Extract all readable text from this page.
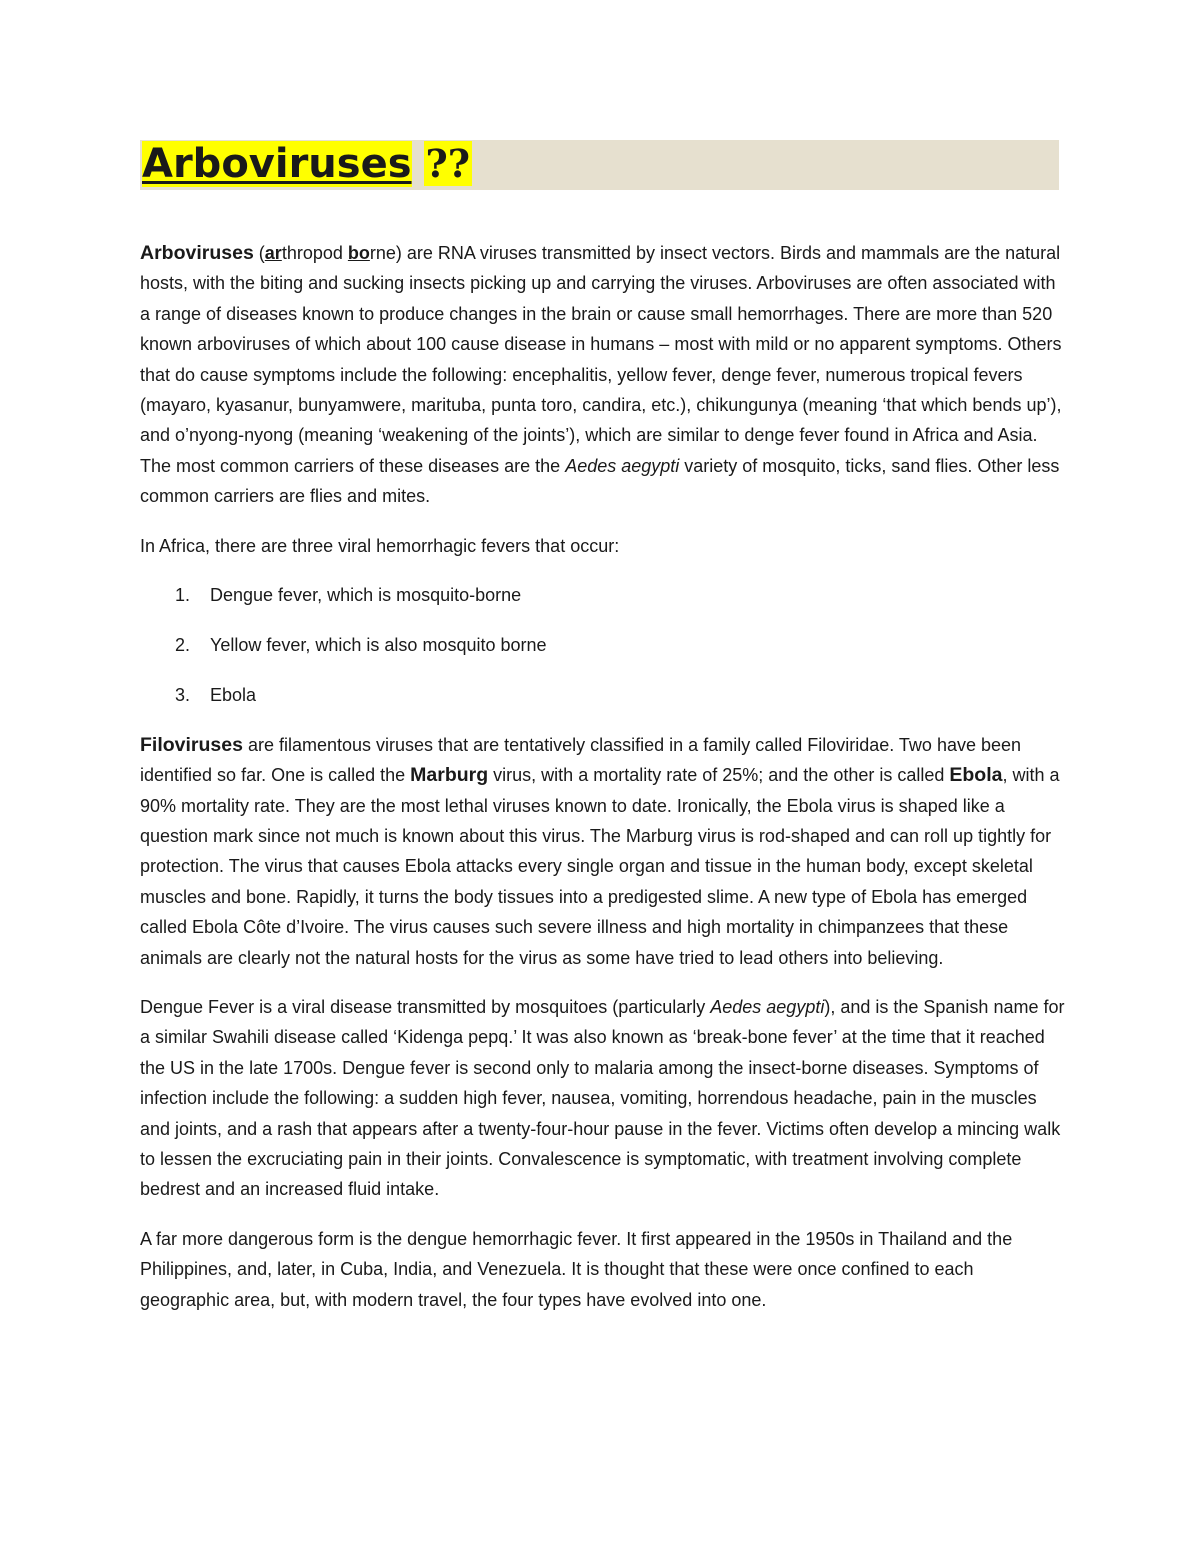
Arboviruses ??

Arboviruses (arthropod borne) are RNA viruses transmitted by insect vectors. Birds and mammals are the natural hosts, with the biting and sucking insects picking up and carrying the viruses. Arboviruses are often associated with a range of diseases known to produce changes in the brain or cause small hemorrhages. There are more than 520 known arboviruses of which about 100 cause disease in humans – most with mild or no apparent symptoms. Others that do cause symptoms include the following: encephalitis, yellow fever, denge fever, numerous tropical fevers (mayaro, kyasanur, bunyamwere, marituba, punta toro, candira, etc.), chikungunya (meaning ‘that which bends up’), and o’nyong-nyong (meaning ‘weakening of the joints’), which are similar to denge fever found in Africa and Asia. The most common carriers of these diseases are the Aedes aegypti variety of mosquito, ticks, sand flies. Other less common carriers are flies and mites.

In Africa, there are three viral hemorrhagic fevers that occur:

1.	Dengue fever, which is mosquito-borne
2.	Yellow fever, which is also mosquito borne
3.	Ebola

Filoviruses are filamentous viruses that are tentatively classified in a family called Filoviridae. Two have been identified so far. One is called the Marburg virus, with a mortality rate of 25%; and the other is called Ebola, with a 90% mortality rate. They are the most lethal viruses known to date. Ironically, the Ebola virus is shaped like a question mark since not much is known about this virus. The Marburg virus is rod-shaped and can roll up tightly for protection. The virus that causes Ebola attacks every single organ and tissue in the human body, except skeletal muscles and bone. Rapidly, it turns the body tissues into a predigested slime. A new type of Ebola has emerged called Ebola Côte d’Ivoire. The virus causes such severe illness and high mortality in chimpanzees that these animals are clearly not the natural hosts for the virus as some have tried to lead others into believing.

Dengue Fever is a viral disease transmitted by mosquitoes (particularly Aedes aegypti), and is the Spanish name for a similar Swahili disease called ‘Kidenga pepq.’ It was also known as ‘break-bone fever’ at the time that it reached the US in the late 1700s. Dengue fever is second only to malaria among the insect-borne diseases. Symptoms of infection include the following: a sudden high fever, nausea, vomiting, horrendous headache, pain in the muscles and joints, and a rash that appears after a twenty-four-hour pause in the fever. Victims often develop a mincing walk to lessen the excruciating pain in their joints. Convalescence is symptomatic, with treatment involving complete bedrest and an increased fluid intake.

A far more dangerous form is the dengue hemorrhagic fever. It first appeared in the 1950s in Thailand and the Philippines, and, later, in Cuba, India, and Venezuela. It is thought that these were once confined to each geographic area, but, with modern travel, the four types have evolved into one.
